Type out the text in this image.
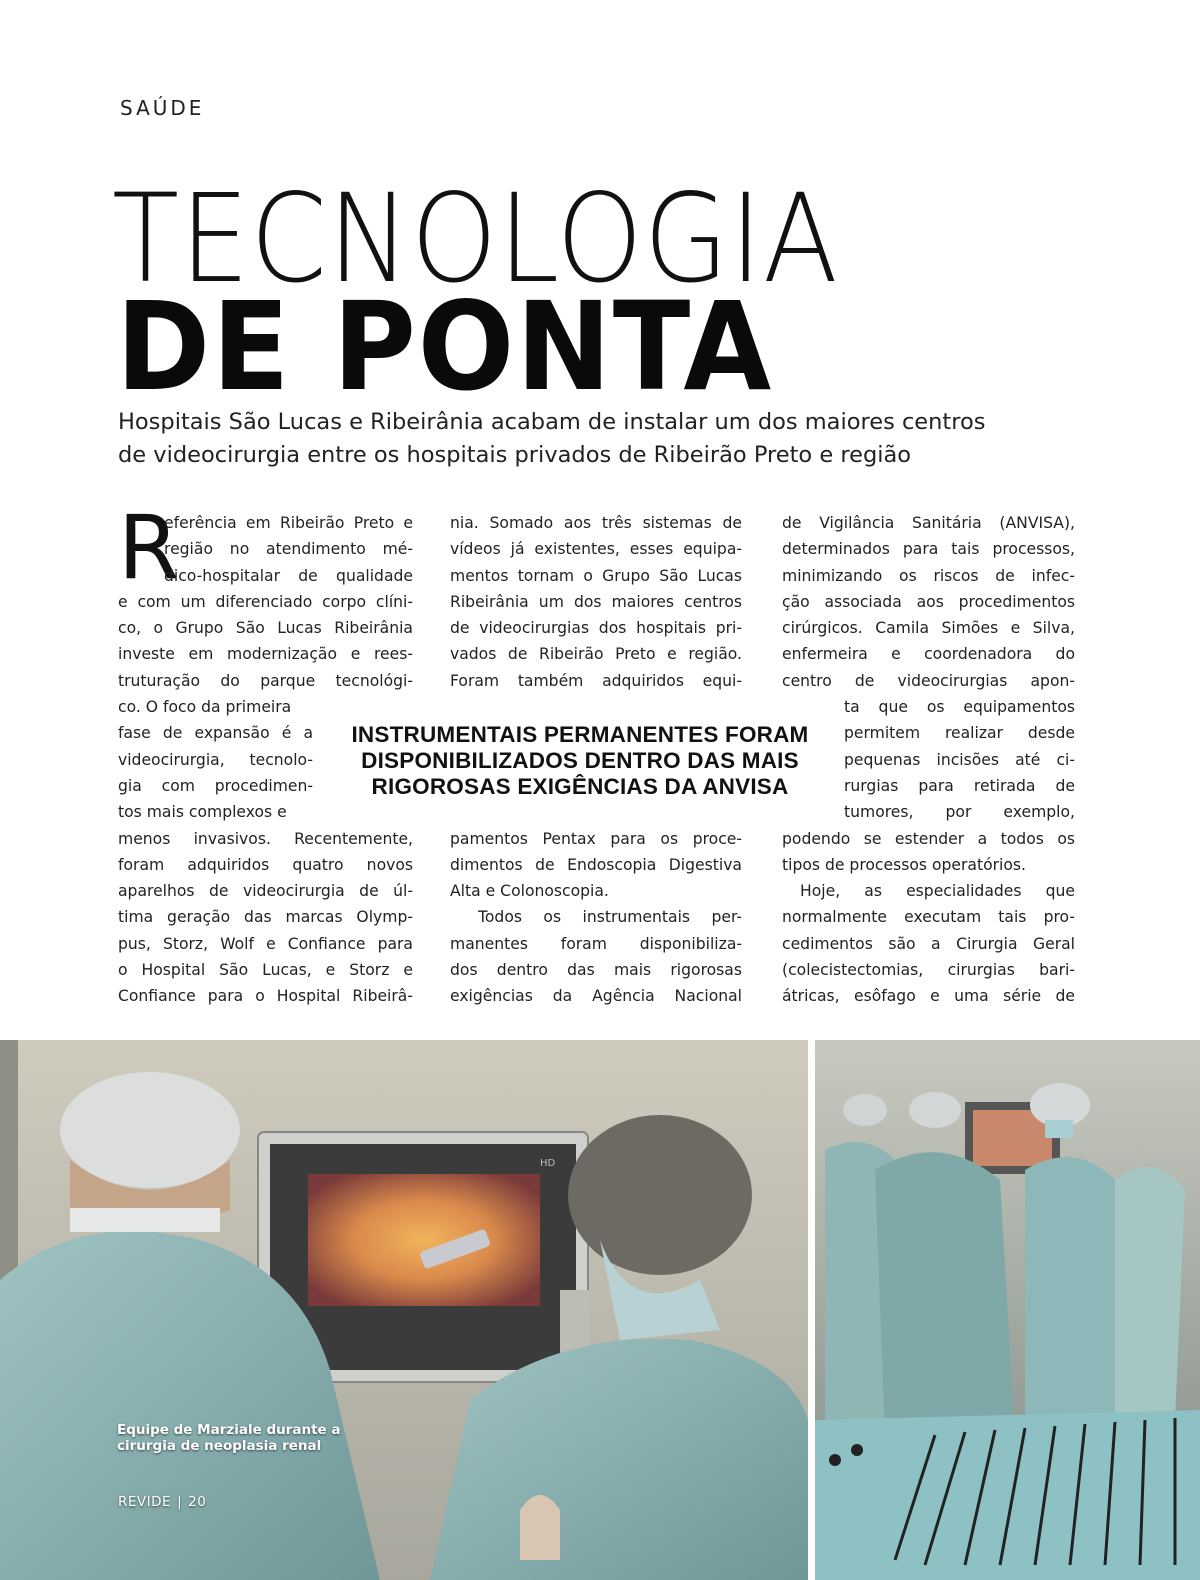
SAÚDE
TECNOLOGIA
DE PONTA
Hospitais São Lucas e Ribeirânia acabam de instalar um dos maiores centros
de videocirurgia entre os hospitais privados de Ribeirão Preto e região
R

eferência em Ribeirão Preto e

região no atendimento mé-

dico-hospitalar de qualidade

e com um diferenciado corpo clíni-

co, o Grupo São Lucas Ribeirânia

investe em modernização e rees-

truturação do parque tecnológi-

co. O foco da primeira

fase de expansão é a

videocirurgia, tecnolo-

gia com procedimen-

tos mais complexos e

menos invasivos. Recentemente,

foram adquiridos quatro novos

aparelhos de videocirurgia de úl-

tima geração das marcas Olymp-

pus, Storz, Wolf e Confiance para

o Hospital São Lucas, e Storz e

Confiance para o Hospital Ribeirâ-

nia. Somado aos três sistemas de

vídeos já existentes, esses equipa-

mentos tornam o Grupo São Lucas

Ribeirânia um dos maiores centros

de videocirurgias dos hospitais pri-

vados de Ribeirão Preto e região.

Foram também adquiridos equi-

pamentos Pentax para os proce-

dimentos de Endoscopia Digestiva

Alta e Colonoscopia.

Todos os instrumentais per-

manentes foram disponibiliza-

dos dentro das mais rigorosas

exigências da Agência Nacional

de Vigilância Sanitária (ANVISA),

determinados para tais processos,

minimizando os riscos de infec-

ção associada aos procedimentos

cirúrgicos. Camila Simões e Silva,

enfermeira e coordenadora do

centro de videocirurgias apon-

ta que os equipamentos

permitem realizar desde

pequenas incisões até ci-

rurgias para retirada de

tumores, por exemplo,

podendo se estender a todos os

tipos de processos operatórios.

Hoje, as especialidades que

normalmente executam tais pro-

cedimentos são a Cirurgia Geral

(colecistectomias, cirurgias bari-

átricas, esôfago e uma série de

INSTRUMENTAIS PERMANENTES FORAM
DISPONIBILIZADOS DENTRO DAS MAIS
RIGOROSAS EXIGÊNCIAS DA ANVISA
HD
Equipe de Marziale durante a
cirurgia de neoplasia renal
REVIDE | 20
